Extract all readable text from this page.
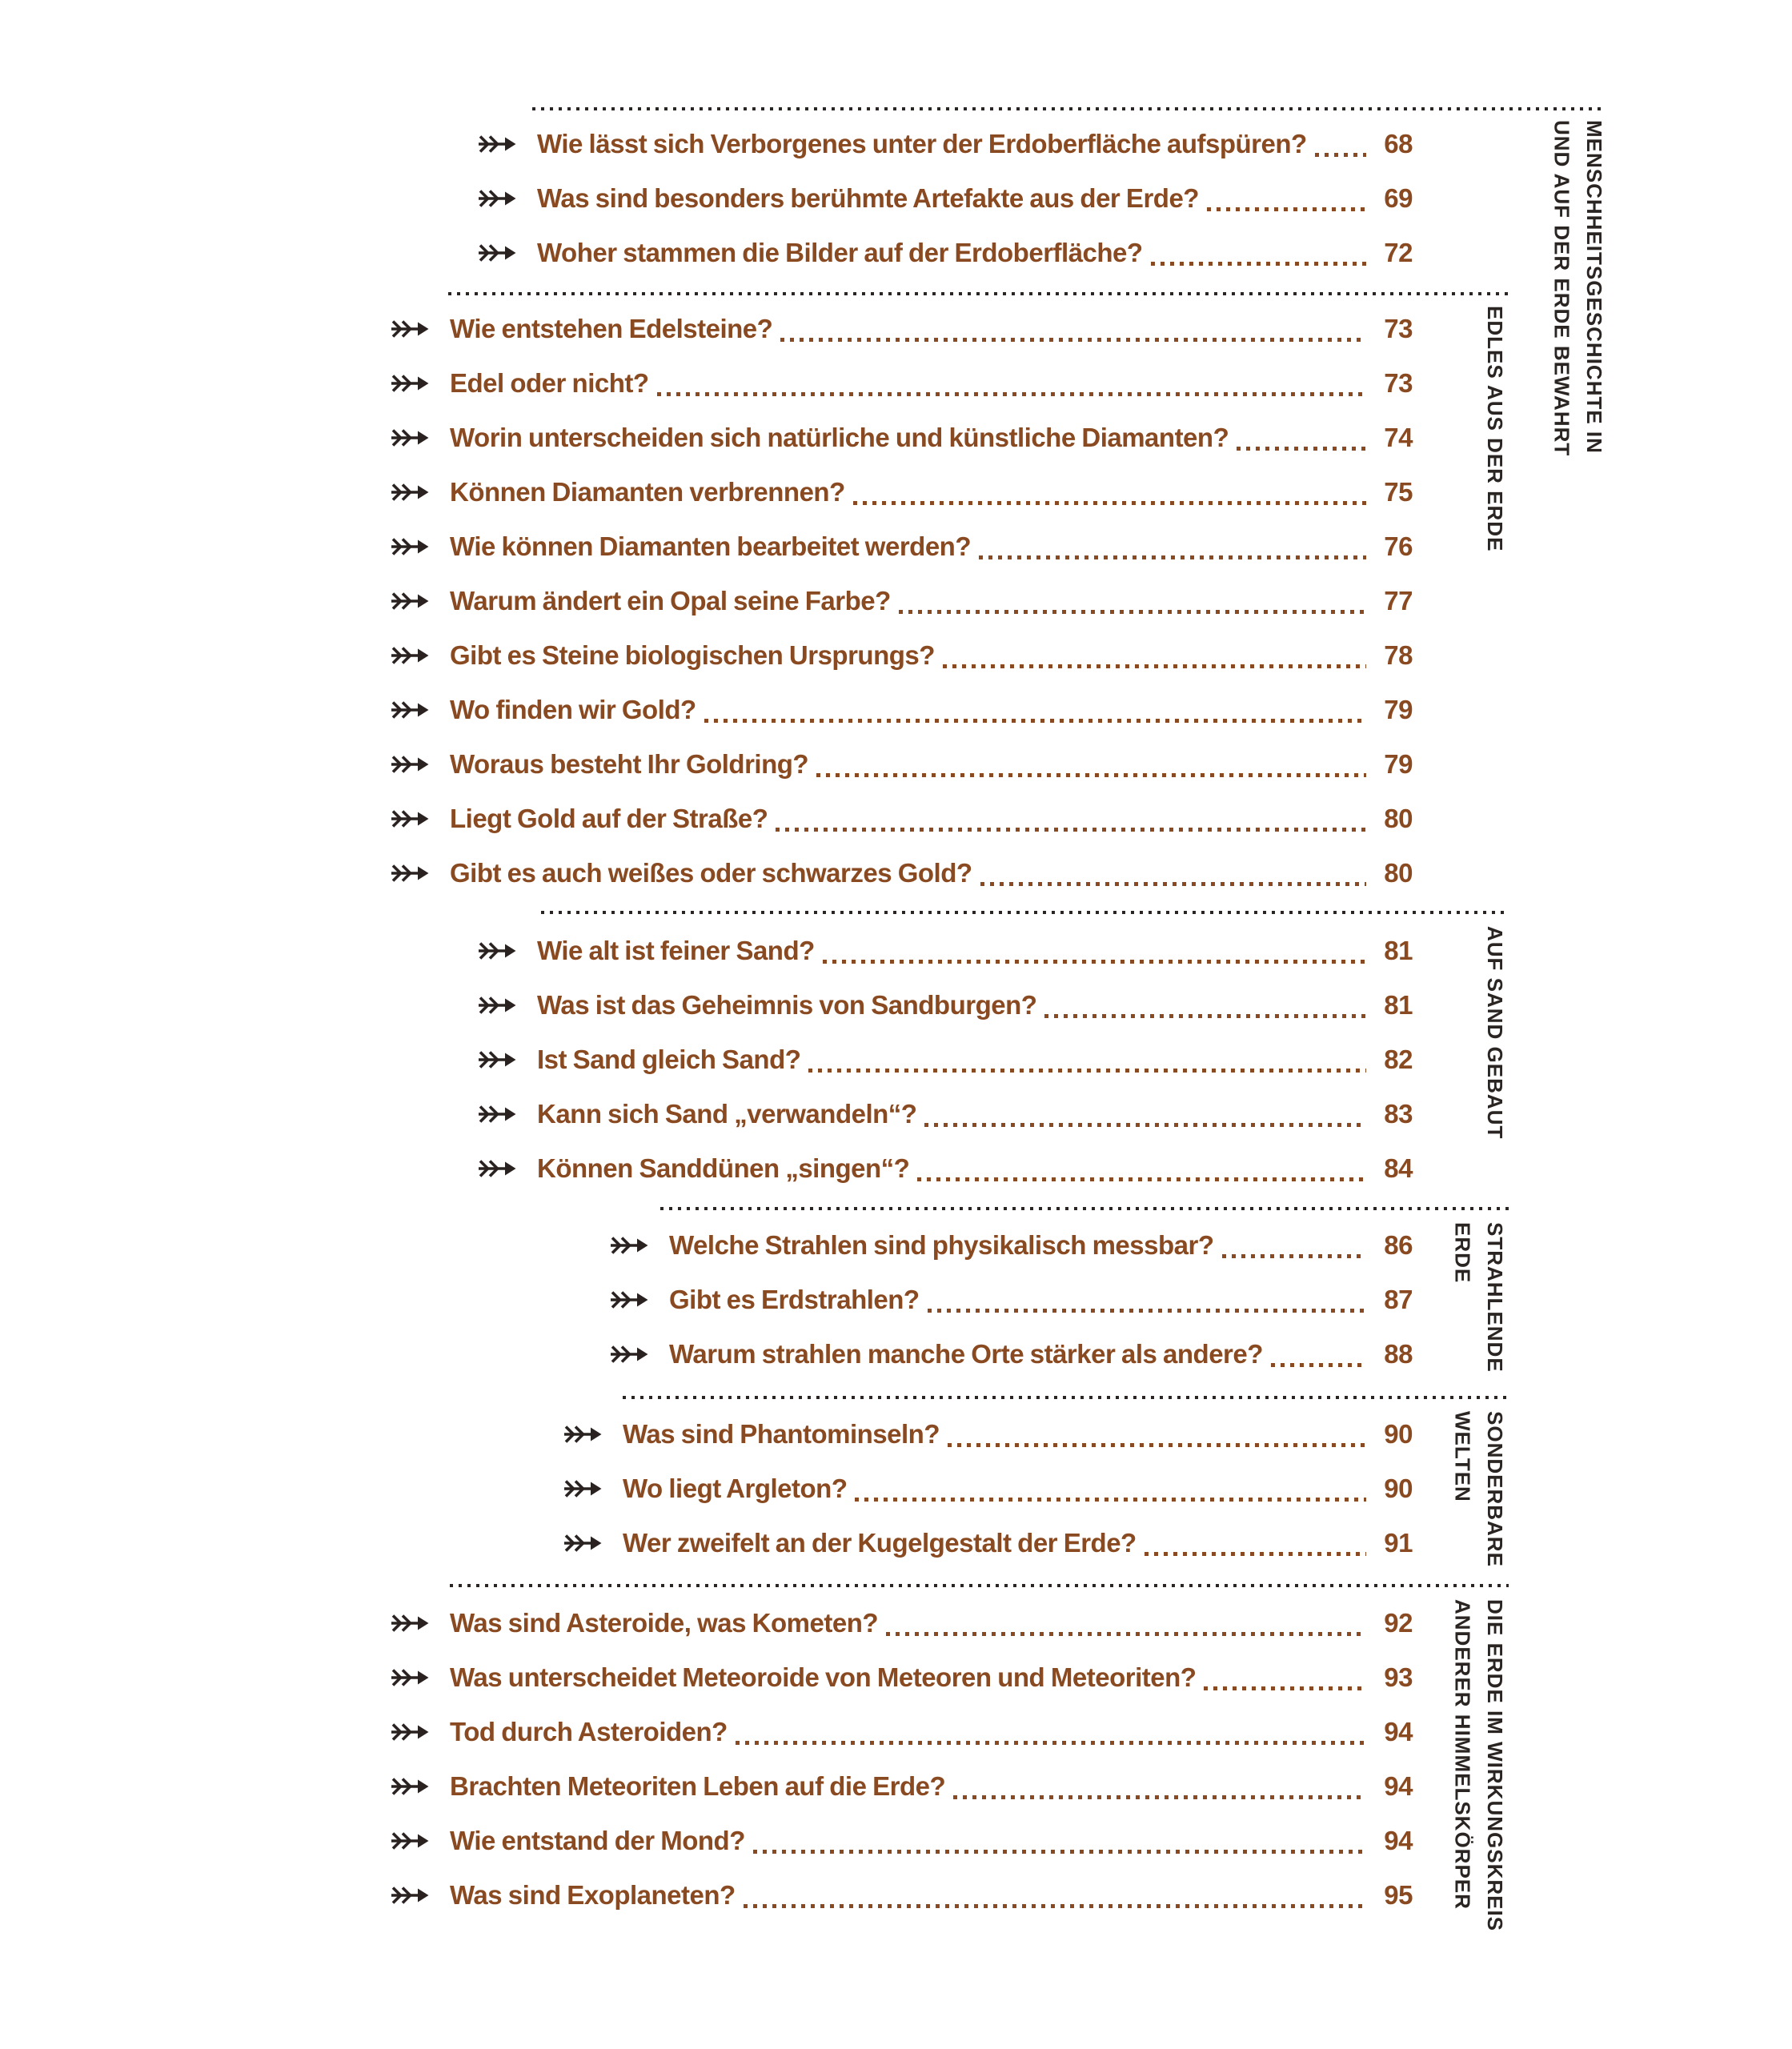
Wie lässt sich Verborgenes unter der Erdoberfläche aufspüren?	68
Was sind besonders berühmte Artefakte aus der Erde?	69
Woher stammen die Bilder auf der Erdoberfläche?	72
Wie entstehen Edelsteine?	73
Edel oder nicht?	73
Worin unterscheiden sich natürliche und künstliche Diamanten?	74
Können Diamanten verbrennen?	75
Wie können Diamanten bearbeitet werden?	76
Warum ändert ein Opal seine Farbe?	77
Gibt es Steine biologischen Ursprungs?	78
Wo finden wir Gold?	79
Woraus besteht Ihr Goldring?	79
Liegt Gold auf der Straße?	80
Gibt es auch weißes oder schwarzes Gold?	80
Wie alt ist feiner Sand?	81
Was ist das Geheimnis von Sandburgen?	81
Ist Sand gleich Sand?	82
Kann sich Sand „verwandeln“?	83
Können Sanddünen „singen“?	84
Welche Strahlen sind physikalisch messbar?	86
Gibt es Erdstrahlen?	87
Warum strahlen manche Orte stärker als andere?	88
Was sind Phantominseln?	90
Wo liegt Argleton?	90
Wer zweifelt an der Kugelgestalt der Erde?	91
Was sind Asteroide, was Kometen?	92
Was unterscheidet Meteoroide von Meteoren und Meteoriten?	93
Tod durch Asteroiden?	94
Brachten Meteoriten Leben auf die Erde?	94
Wie entstand der Mond?	94
Was sind Exoplaneten?	95
MENSCHHEITSGESCHICHTE IN
UND AUF DER ERDE BEWAHRT
EDLES AUS DER ERDE
AUF SAND GEBAUT
STRAHLENDE
ERDE
SONDERBARE
WELTEN
DIE ERDE IM WIRKUNGSKREIS
ANDERER HIMMELSKÖRPER
